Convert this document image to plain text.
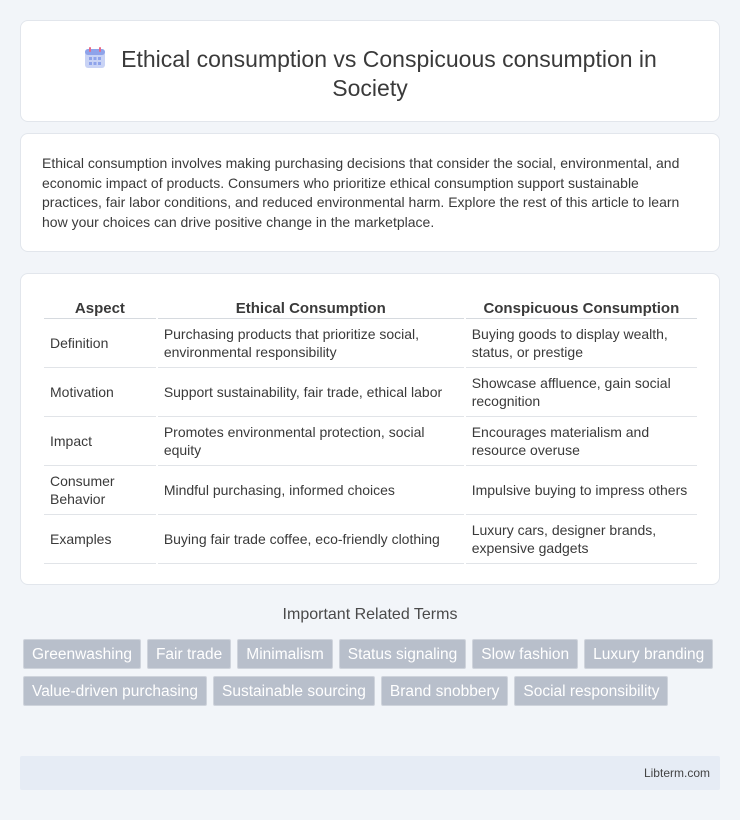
Ethical consumption vs Conspicuous consumption in Society

Ethical consumption involves making purchasing decisions that consider the social, environmental, and economic impact of products. Consumers who prioritize ethical consumption support sustainable practices, fair labor conditions, and reduced environmental harm. Explore the rest of this article to learn how your choices can drive positive change in the marketplace.

Aspect	Ethical Consumption	Conspicuous Consumption
Definition	Purchasing products that prioritize social, environmental responsibility	Buying goods to display wealth, status, or prestige
Motivation	Support sustainability, fair trade, ethical labor	Showcase affluence, gain social recognition
Impact	Promotes environmental protection, social equity	Encourages materialism and resource overuse
Consumer Behavior	Mindful purchasing, informed choices	Impulsive buying to impress others
Examples	Buying fair trade coffee, eco-friendly clothing	Luxury cars, designer brands, expensive gadgets
Important Related Terms
Greenwashing	Fair trade	Minimalism	Status signaling	Slow fashion	Luxury branding
Value-driven purchasing	Sustainable sourcing	Brand snobbery	Social responsibility
Libterm.com
